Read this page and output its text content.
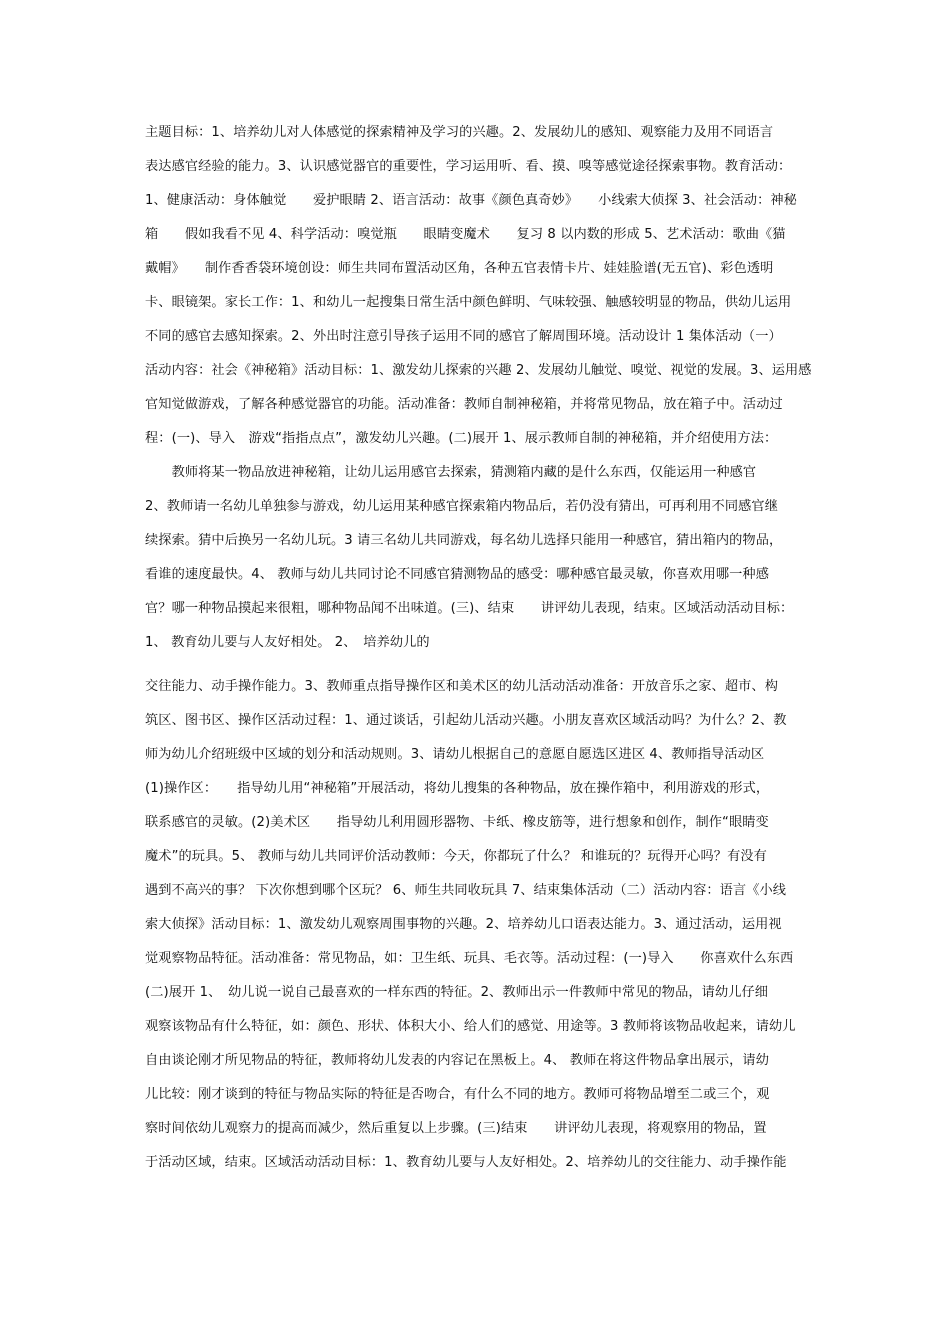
主题目标：1、培养幼儿对人体感觉的探索精神及学习的兴趣。2、发展幼儿的感知、观察能力及用不同语言
表达感官经验的能力。3、认识感觉器官的重要性，学习运用听、看、摸、嗅等感觉途径探索事物。教育活动：
1、健康活动：身体触觉　　爱护眼睛 2、语言活动：故事《颜色真奇妙》　　小线索大侦探 3、社会活动：神秘
箱　　假如我看不见 4、科学活动：嗅觉瓶　　眼睛变魔术　　复习 8 以内数的形成 5、艺术活动：歌曲《猫
戴帽》　　制作香香袋环境创设：师生共同布置活动区角，各种五官表情卡片、娃娃脸谱(无五官)、彩色透明
卡、眼镜架。家长工作：1、和幼儿一起搜集日常生活中颜色鲜明、气味较强、触感较明显的物品，供幼儿运用
不同的感官去感知探索。2、外出时注意引导孩子运用不同的感官了解周围环境。活动设计 1 集体活动（一）
活动内容：社会《神秘箱》活动目标：1、激发幼儿探索的兴趣 2、发展幼儿触觉、嗅觉、视觉的发展。3、运用感
官知觉做游戏，了解各种感觉器官的功能。活动准备：教师自制神秘箱，并将常见物品，放在箱子中。活动过
程：(一)、导入　游戏“指指点点”，激发幼儿兴趣。(二)展开 1、展示教师自制的神秘箱，并介绍使用方法：
　　教师将某一物品放进神秘箱，让幼儿运用感官去探索，猜测箱内藏的是什么东西，仅能运用一种感官
2、教师请一名幼儿单独参与游戏，幼儿运用某种感官探索箱内物品后，若仍没有猜出，可再利用不同感官继
续探索。猜中后换另一名幼儿玩。3 请三名幼儿共同游戏，每名幼儿选择只能用一种感官，猜出箱内的物品，
看谁的速度最快。4、 教师与幼儿共同讨论不同感官猜测物品的感受：哪种感官最灵敏，你喜欢用哪一种感
官？哪一种物品摸起来很粗，哪种物品闻不出味道。(三)、结束　　讲评幼儿表现，结束。区域活动活动目标：
1、 教育幼儿要与人友好相处。 2、　培养幼儿的
交往能力、动手操作能力。3、教师重点指导操作区和美术区的幼儿活动活动准备：开放音乐之家、超市、构
筑区、图书区、操作区活动过程：1、通过谈话，引起幼儿活动兴趣。小朋友喜欢区域活动吗？为什么？2、教
师为幼儿介绍班级中区域的划分和活动规则。3、请幼儿根据自己的意愿自愿选区进区 4、教师指导活动区
(1)操作区：　　指导幼儿用“神秘箱”开展活动，将幼儿搜集的各种物品，放在操作箱中，利用游戏的形式，
联系感官的灵敏。(2)美术区　　指导幼儿利用圆形器物、卡纸、橡皮筋等，进行想象和创作，制作“眼睛变
魔术”的玩具。5、 教师与幼儿共同评价活动教师：今天，你都玩了什么？ 和谁玩的？玩得开心吗？有没有
遇到不高兴的事？ 下次你想到哪个区玩？ 6、师生共同收玩具 7、结束集体活动（二）活动内容：语言《小线
索大侦探》活动目标：1、激发幼儿观察周围事物的兴趣。2、培养幼儿口语表达能力。3、通过活动，运用视
觉观察物品特征。活动准备：常见物品，如：卫生纸、玩具、毛衣等。活动过程：(一)导入　　你喜欢什么东西
(二)展开 1、　幼儿说一说自己最喜欢的一样东西的特征。2、教师出示一件教师中常见的物品，请幼儿仔细
观察该物品有什么特征，如：颜色、形状、体积大小、给人们的感觉、用途等。3 教师将该物品收起来，请幼儿
自由谈论刚才所见物品的特征，教师将幼儿发表的内容记在黑板上。4、 教师在将这件物品拿出展示，请幼
儿比较：刚才谈到的特征与物品实际的特征是否吻合，有什么不同的地方。教师可将物品增至二或三个，观
察时间依幼儿观察力的提高而减少，然后重复以上步骤。(三)结束　　讲评幼儿表现，将观察用的物品，置
于活动区域，结束。区域活动活动目标：1、教育幼儿要与人友好相处。2、培养幼儿的交往能力、动手操作能
